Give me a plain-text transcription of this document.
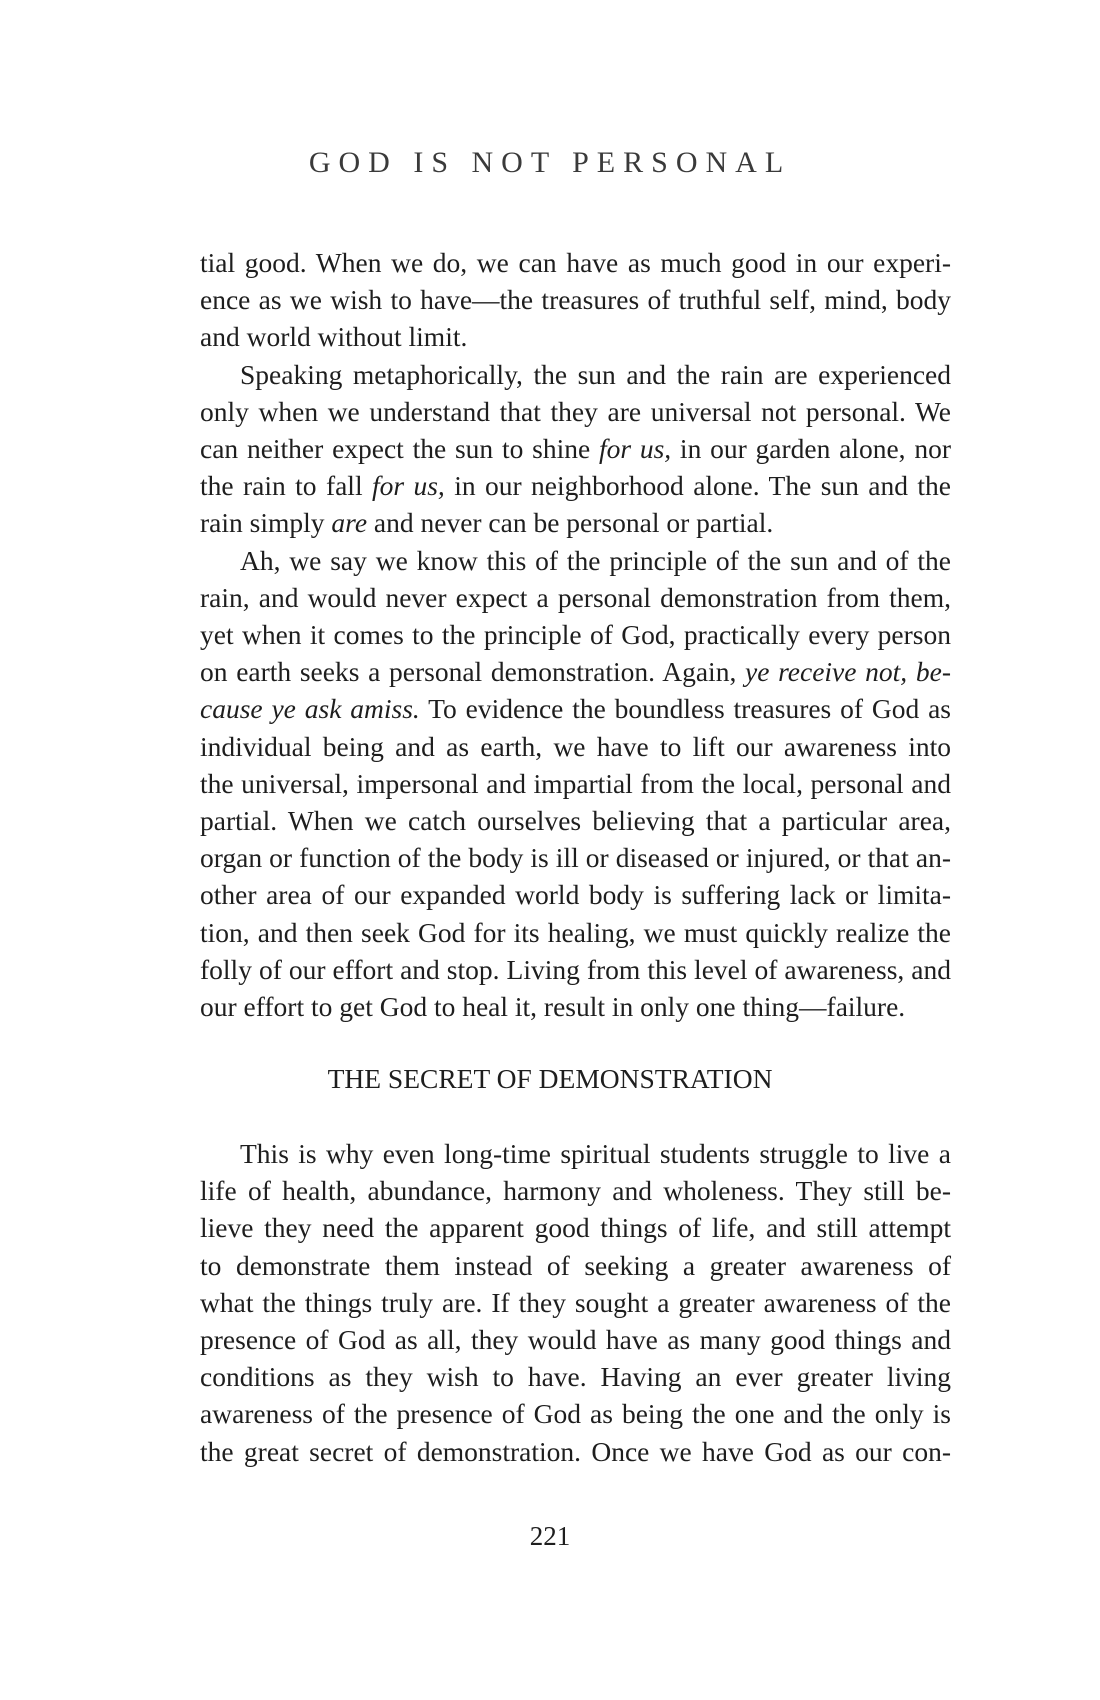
GOD IS NOT PERSONAL

tial good. When we do, we can have as much good in our experi-
ence as we wish to have—the treasures of truthful self, mind, body
and world without limit.

Speaking metaphorically, the sun and the rain are experienced
only when we understand that they are universal not personal. We
can neither expect the sun to shine for us, in our garden alone, nor
the rain to fall for us, in our neighborhood alone. The sun and the
rain simply are and never can be personal or partial.

Ah, we say we know this of the principle of the sun and of the
rain, and would never expect a personal demonstration from them,
yet when it comes to the principle of God, practically every person
on earth seeks a personal demonstration. Again, ye receive not, be-
cause ye ask amiss. To evidence the boundless treasures of God as
individual being and as earth, we have to lift our awareness into
the universal, impersonal and impartial from the local, personal and
partial. When we catch ourselves believing that a particular area,
organ or function of the body is ill or diseased or injured, or that an-
other area of our expanded world body is suffering lack or limita-
tion, and then seek God for its healing, we must quickly realize the
folly of our effort and stop. Living from this level of awareness, and
our effort to get God to heal it, result in only one thing—failure.

THE SECRET OF DEMONSTRATION

This is why even long-time spiritual students struggle to live a
life of health, abundance, harmony and wholeness. They still be-
lieve they need the apparent good things of life, and still attempt
to demonstrate them instead of seeking a greater awareness of
what the things truly are. If they sought a greater awareness of the
presence of God as all, they would have as many good things and
conditions as they wish to have. Having an ever greater living
awareness of the presence of God as being the one and the only is
the great secret of demonstration. Once we have God as our con-

221
